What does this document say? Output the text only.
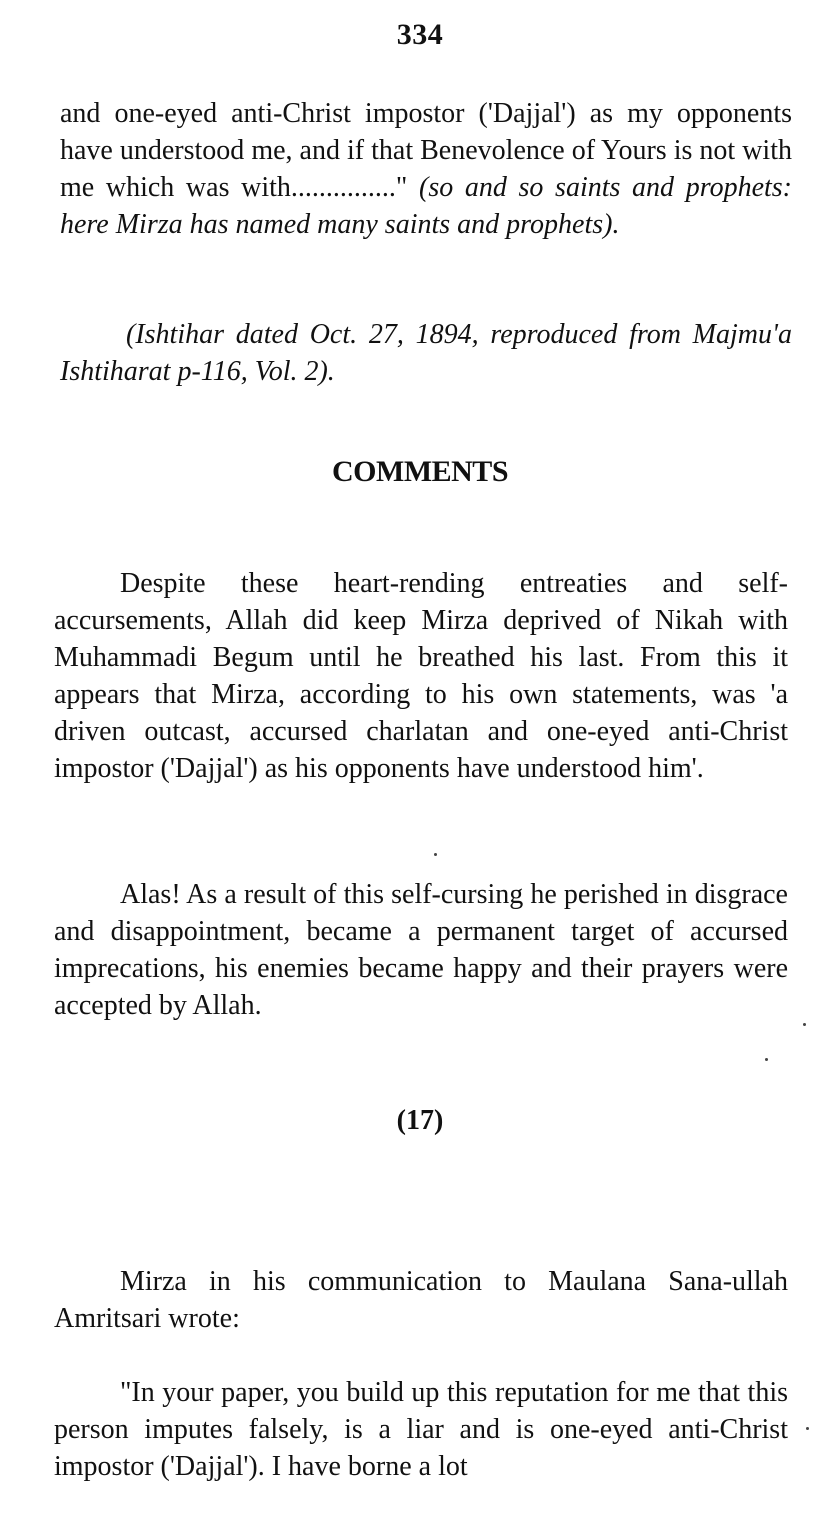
334

and one-eyed anti-Christ impostor ('Dajjal') as my opponents have understood me, and if that Benevolence of Yours is not with me which was with..............." (so and so saints and prophets: here Mirza has named many saints and prophets).

(Ishtihar dated Oct. 27, 1894, reproduced from Majmu'a Ishtiharat p-116, Vol. 2).
COMMENTS
Despite these heart-rending entreaties and self-accursements, Allah did keep Mirza deprived of Nikah with Muhammadi Begum until he breathed his last. From this it appears that Mirza, according to his own statements, was 'a driven outcast, accursed charlatan and one-eyed anti-Christ impostor ('Dajjal') as his opponents have understood him'.
Alas! As a result of this self-cursing he perished in disgrace and disappointment, became a permanent target of accursed imprecations, his enemies became happy and their prayers were accepted by Allah.
(17)
Mirza in his communication to Maulana Sana-ullah Amritsari wrote:
"In your paper, you build up this reputation for me that this person imputes falsely, is a liar and is one-eyed anti-Christ impostor ('Dajjal'). I have borne a lot
